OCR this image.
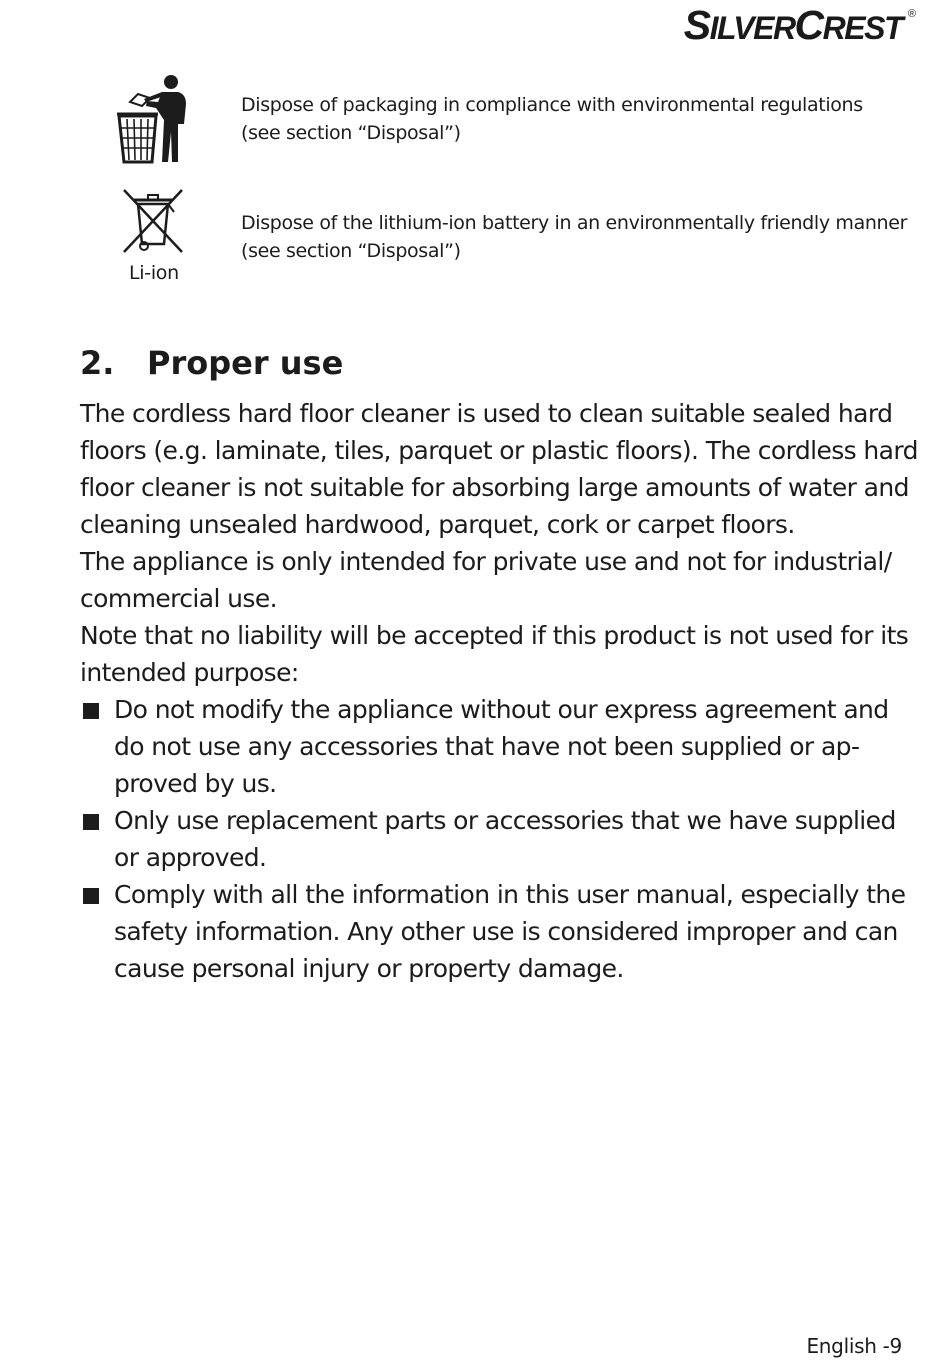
SILVERCREST ®
Dispose of packaging in compliance with environmental regulations
(see section “Disposal”)
Li-ion
Dispose of the lithium-ion battery in an environmentally friendly manner
(see section “Disposal”)
2. Proper use

The cordless hard floor cleaner is used to clean suitable sealed hard

floors (e.g. laminate, tiles, parquet or plastic floors). The cordless hard

floor cleaner is not suitable for absorbing large amounts of water and

cleaning unsealed hardwood, parquet, cork or carpet floors.

The appliance is only intended for private use and not for industrial/

commercial use.

Note that no liability will be accepted if this product is not used for its

intended purpose:

Do not modify the appliance without our express agreement and
do not use any accessories that have not been supplied or ap-
proved by us.
Only use replacement parts or accessories that we have supplied
or approved.
Comply with all the information in this user manual, especially the
safety information. Any other use is considered improper and can
cause personal injury or property damage.
English -9
